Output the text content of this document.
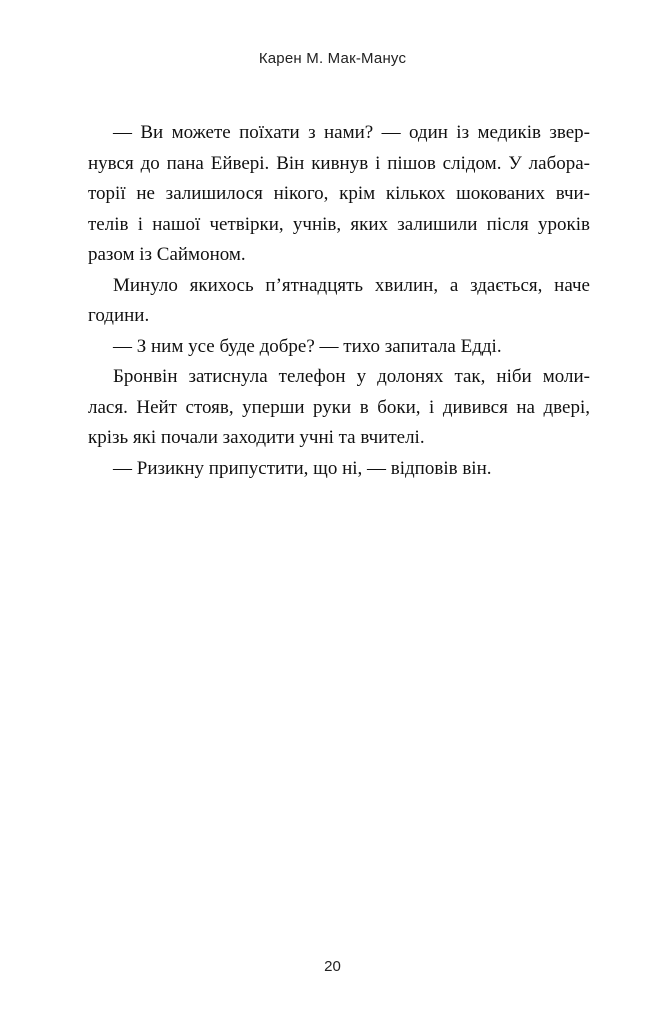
Карен М. Мак-Манус
— Ви можете поїхати з нами? — один із медиків звер-
нувся до пана Ейвері. Він кивнув і пішов слідом. У лабора-
торії не залишилося нікого, крім кількох шокованих вчи-
телів і нашої четвірки, учнів, яких залишили після уроків
разом із Саймоном.
Минуло якихось п’ятнадцять хвилин, а здається, наче
години.
— З ним усе буде добре? — тихо запитала Едді.
Бронвін затиснула телефон у долонях так, ніби моли-
лася. Нейт стояв, уперши руки в боки, і дивився на двері,
крізь які почали заходити учні та вчителі.
— Ризикну припустити, що ні, — відповів він.
20
